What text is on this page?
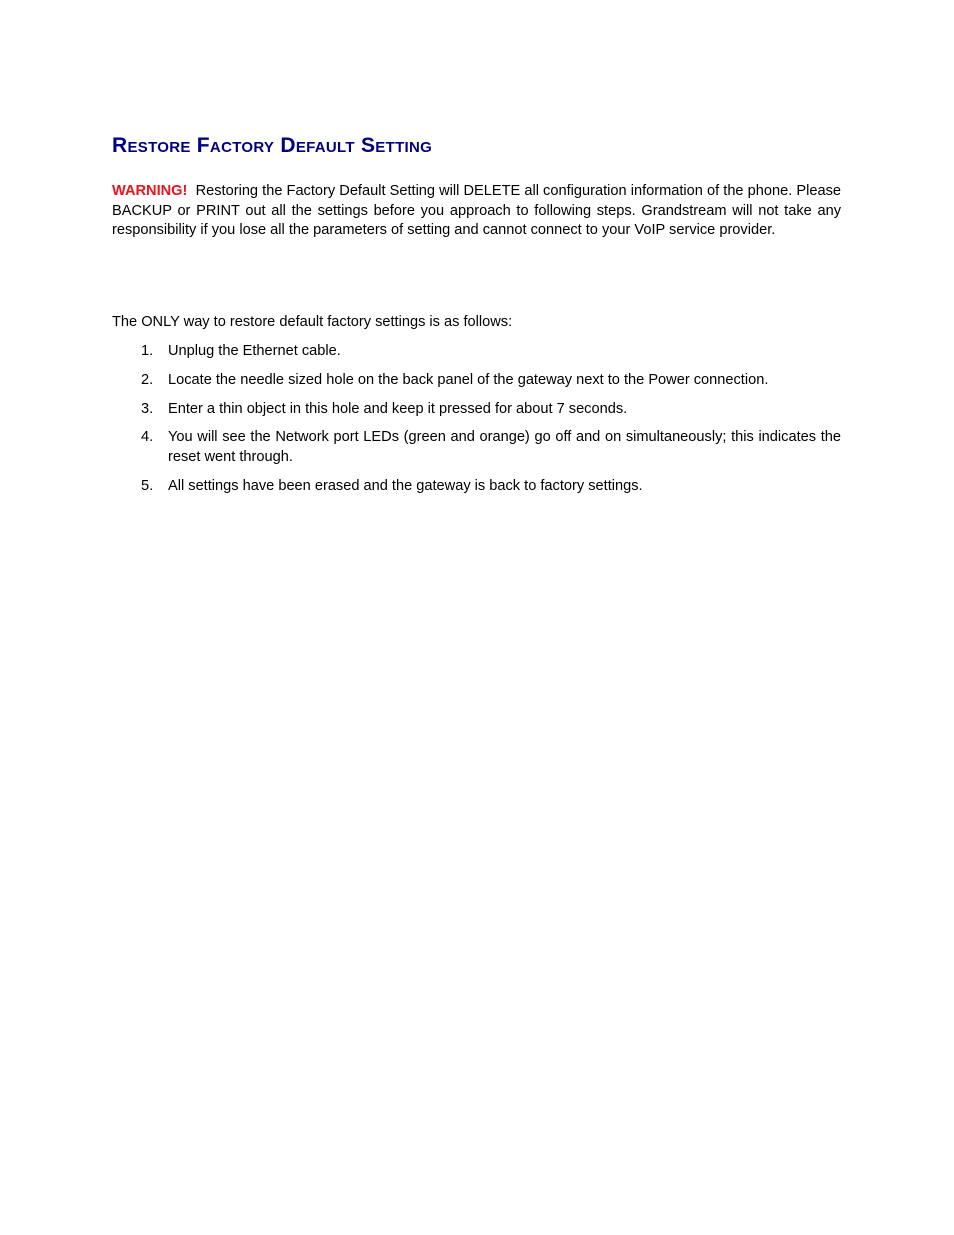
Restore Factory Default Setting

WARNING! Restoring the Factory Default Setting will DELETE all configuration information of the phone. Please BACKUP or PRINT out all the settings before you approach to following steps. Grandstream will not take any responsibility if you lose all the parameters of setting and cannot connect to your VoIP service provider.

The ONLY way to restore default factory settings is as follows:

1. Unplug the Ethernet cable.
2. Locate the needle sized hole on the back panel of the gateway next to the Power connection.
3. Enter a thin object in this hole and keep it pressed for about 7 seconds.
4. You will see the Network port LEDs (green and orange) go off and on simultaneously; this indicates the reset went through.
5. All settings have been erased and the gateway is back to factory settings.
